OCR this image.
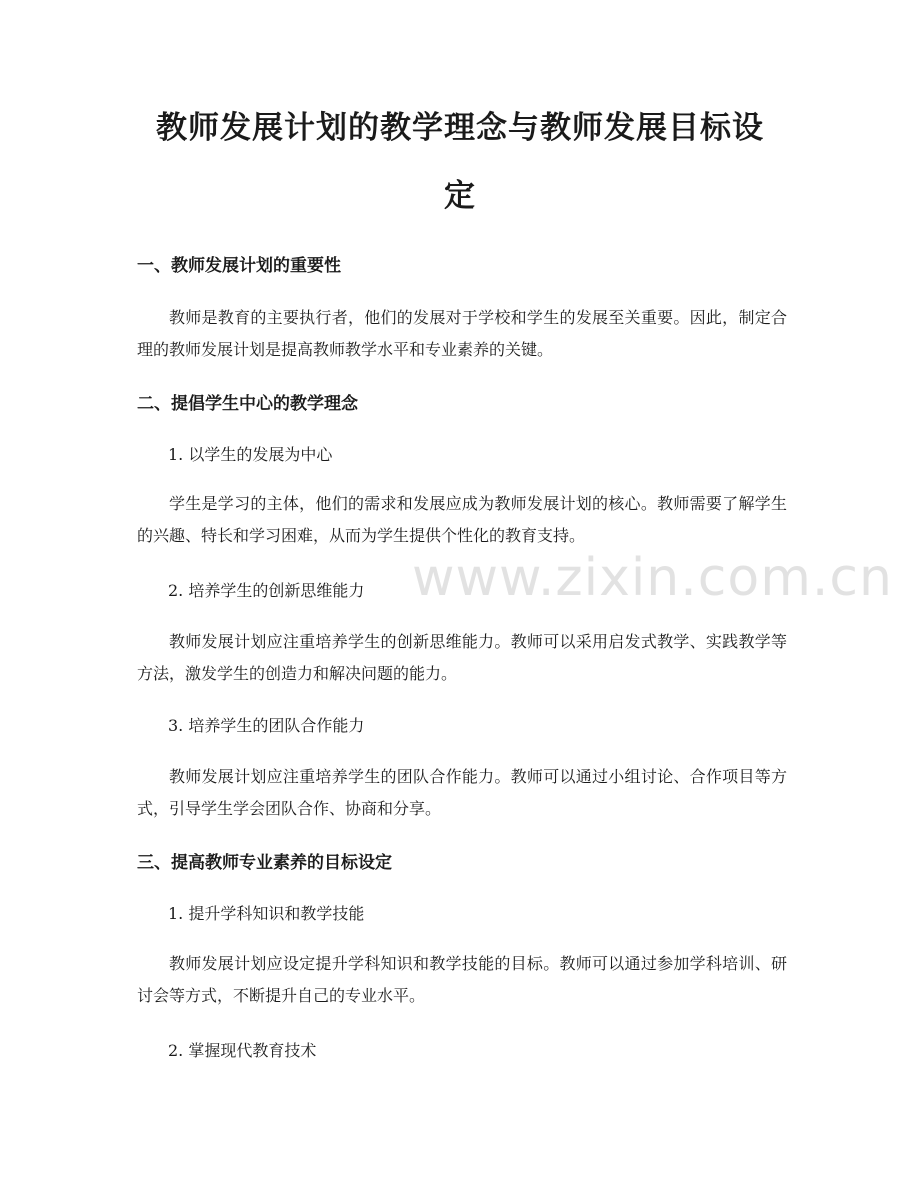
www.zixin.com.cn
教师发展计划的教学理念与教师发展目标设
定
一、教师发展计划的重要性

教师是教育的主要执行者，他们的发展对于学校和学生的发展至关重要。因此，制定合理的教师发展计划是提高教师教学水平和专业素养的关键。

二、提倡学生中心的教学理念

1. 以学生的发展为中心

学生是学习的主体，他们的需求和发展应成为教师发展计划的核心。教师需要了解学生的兴趣、特长和学习困难，从而为学生提供个性化的教育支持。

2. 培养学生的创新思维能力

教师发展计划应注重培养学生的创新思维能力。教师可以采用启发式教学、实践教学等方法，激发学生的创造力和解决问题的能力。

3. 培养学生的团队合作能力

教师发展计划应注重培养学生的团队合作能力。教师可以通过小组讨论、合作项目等方式，引导学生学会团队合作、协商和分享。

三、提高教师专业素养的目标设定

1. 提升学科知识和教学技能

教师发展计划应设定提升学科知识和教学技能的目标。教师可以通过参加学科培训、研讨会等方式，不断提升自己的专业水平。

2. 掌握现代教育技术
